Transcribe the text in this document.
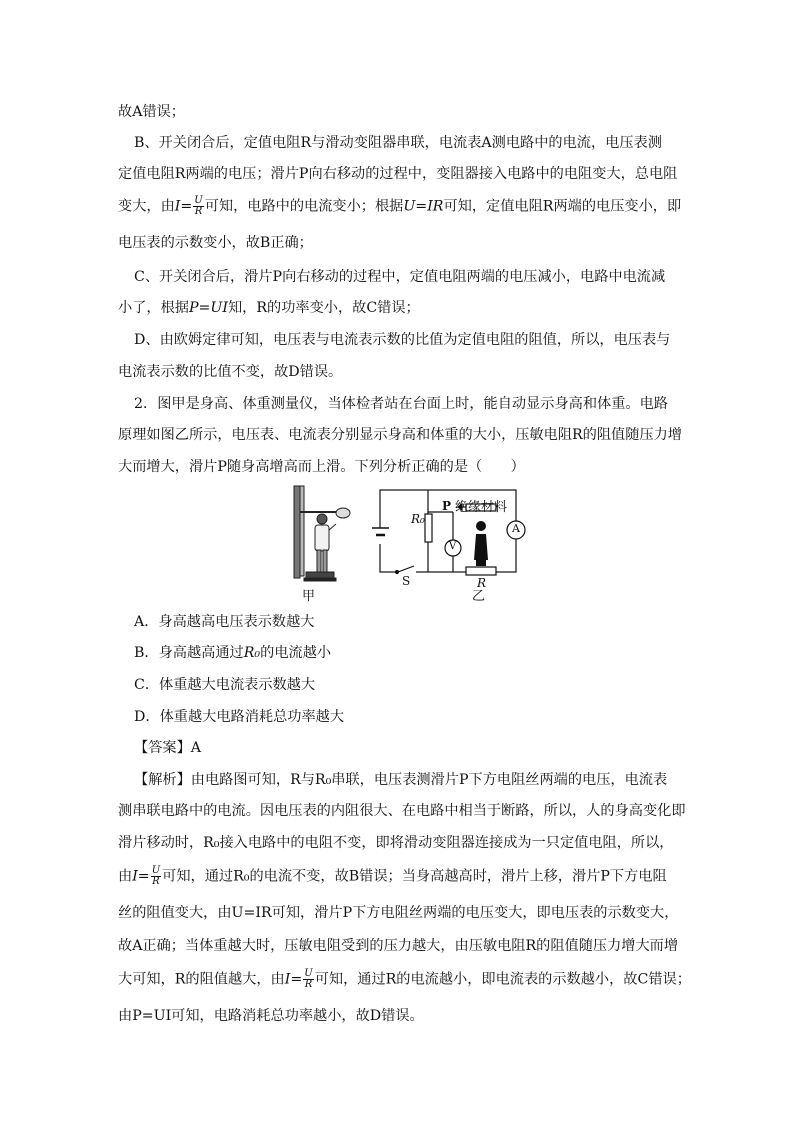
故A错误；
B、开关闭合后，定值电阻R与滑动变阻器串联，电流表A测电路中的电流，电压表测
定值电阻R两端的电压；滑片P向右移动的过程中，变阻器接入电路中的电阻变大，总电阻
变大，由$I= \frac{U}{R}$ 可知，电路中的电流变小；根据U=IR可知，定值电阻R两端的电压变小，即
电压表的示数变小，故B正确；
C、开关闭合后，滑片P向右移动的过程中，定值电阻两端的电压减小，电路中电流减
小了，根据P=UI知，R的功率变小，故C错误；
D、由欧姆定律可知，电压表与电流表示数的比值为定值电阻的阻值，所以，电压表与
电流表示数的比值不变，故D错误。
2．图甲是身高、体重测量仪，当体检者站在台面上时，能自动显示身高和体重。电路
原理如图乙所示，电压表、电流表分别显示身高和体重的大小，压敏电阻R的阻值随压力增
大而增大，滑片P随身高增高而上滑。下列分析正确的是（　　）
甲	乙
R₀
P 绝缘材料
A
V
S	R
A．身高越高电压表示数越大
B．身高越高通过R₀的电流越小
C．体重越大电流表示数越大
D．体重越大电路消耗总功率越大
【答案】A
【解析】由电路图可知，R与R₀串联，电压表测滑片P下方电阻丝两端的电压，电流表
测串联电路中的电流。因电压表的内阻很大、在电路中相当于断路，所以，人的身高变化即
滑片移动时，R₀接入电路中的电阻不变，即将滑动变阻器连接成为一只定值电阻，所以，
由$I= \frac{U}{R}$ 可知，通过R₀的电流不变，故B错误；当身高越高时，滑片上移，滑片P下方电阻
丝的阻值变大，由U=IR可知，滑片P下方电阻丝两端的电压变大，即电压表的示数变大，
故A正确；当体重越大时，压敏电阻受到的压力越大，由压敏电阻R的阻值随压力增大而增
大可知，R的阻值越大，由$I= \frac{U}{R}$ 可知，通过R的电流越小，即电流表的示数越小，故C错误；
由P=UI可知，电路消耗总功率越小，故D错误。
